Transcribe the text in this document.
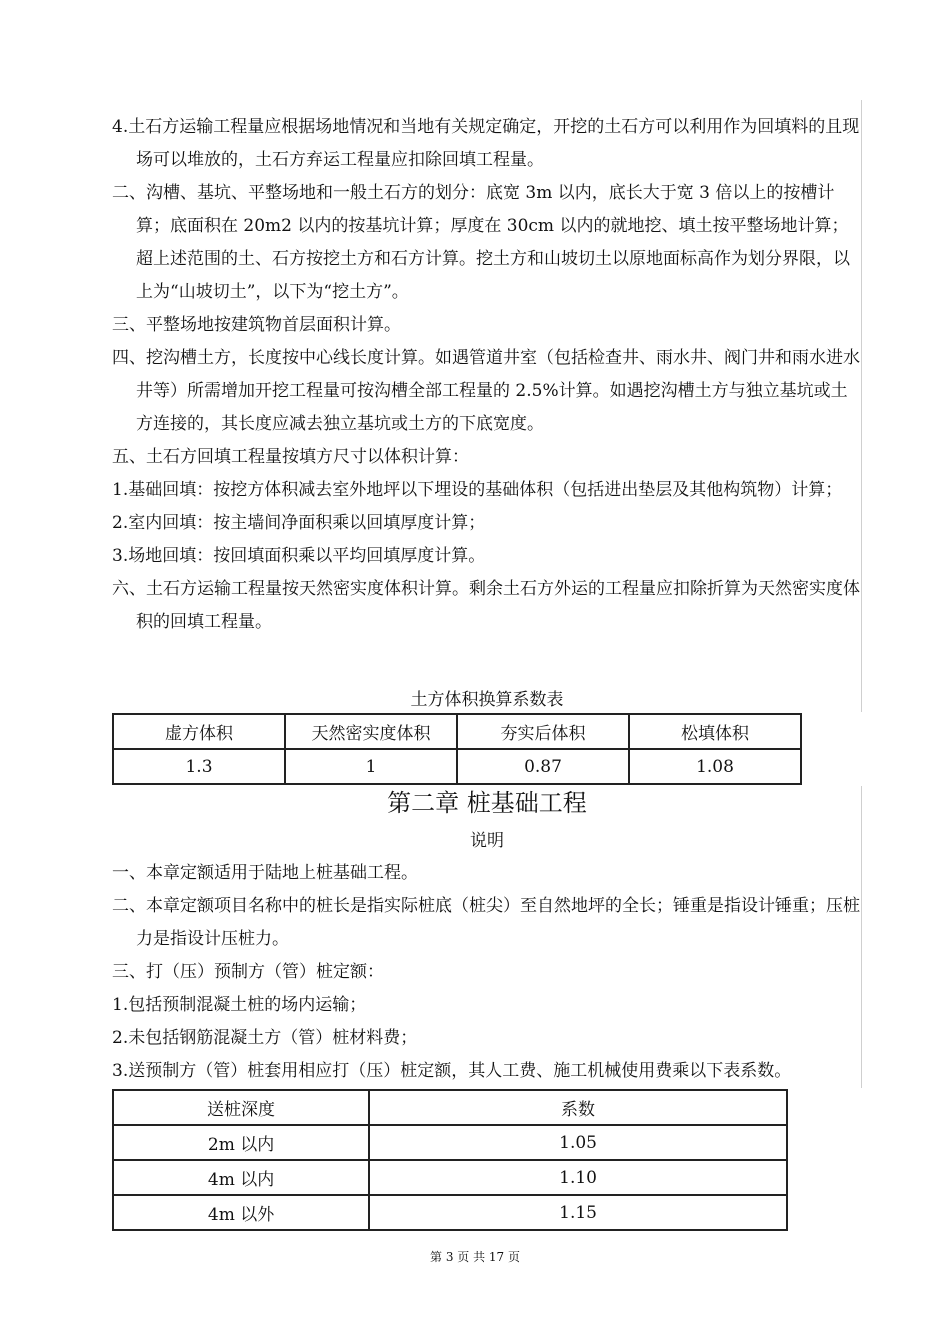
4.土石方运输工程量应根据场地情况和当地有关规定确定，开挖的土石方可以利用作为回填料的且现场可以堆放的，土石方弃运工程量应扣除回填工程量。

二、沟槽、基坑、平整场地和一般土石方的划分：底宽 3m 以内，底长大于宽 3 倍以上的按槽计算；底面积在 20m2 以内的按基坑计算；厚度在 30cm 以内的就地挖、填土按平整场地计算；超上述范围的土、石方按挖土方和石方计算。挖土方和山坡切土以原地面标高作为划分界限，以上为“山坡切土”，以下为“挖土方”。

三、平整场地按建筑物首层面积计算。

四、挖沟槽土方，长度按中心线长度计算。如遇管道井室（包括检查井、雨水井、阀门井和雨水进水井等）所需增加开挖工程量可按沟槽全部工程量的 2.5%计算。如遇挖沟槽土方与独立基坑或土方连接的，其长度应减去独立基坑或土方的下底宽度。

五、土石方回填工程量按填方尺寸以体积计算：

1.基础回填：按挖方体积减去室外地坪以下埋设的基础体积（包括进出垫层及其他构筑物）计算；

2.室内回填：按主墙间净面积乘以回填厚度计算；

3.场地回填：按回填面积乘以平均回填厚度计算。

六、土石方运输工程量按天然密实度体积计算。剩余土石方外运的工程量应扣除折算为天然密实度体积的回填工程量。

土方体积换算系数表
虚方体积	天然密实度体积	夯实后体积	松填体积
1.3	1	0.87	1.08
第二章 桩基础工程
说明

一、本章定额适用于陆地上桩基础工程。

二、本章定额项目名称中的桩长是指实际桩底（桩尖）至自然地坪的全长；锤重是指设计锤重；压桩力是指设计压桩力。

三、打（压）预制方（管）桩定额：

1.包括预制混凝土桩的场内运输；

2.未包括钢筋混凝土方（管）桩材料费；

3.送预制方（管）桩套用相应打（压）桩定额，其人工费、施工机械使用费乘以下表系数。

送桩深度	系数
2m 以内	1.05
4m 以内	1.10
4m 以外	1.15
第 3 页 共 17 页
